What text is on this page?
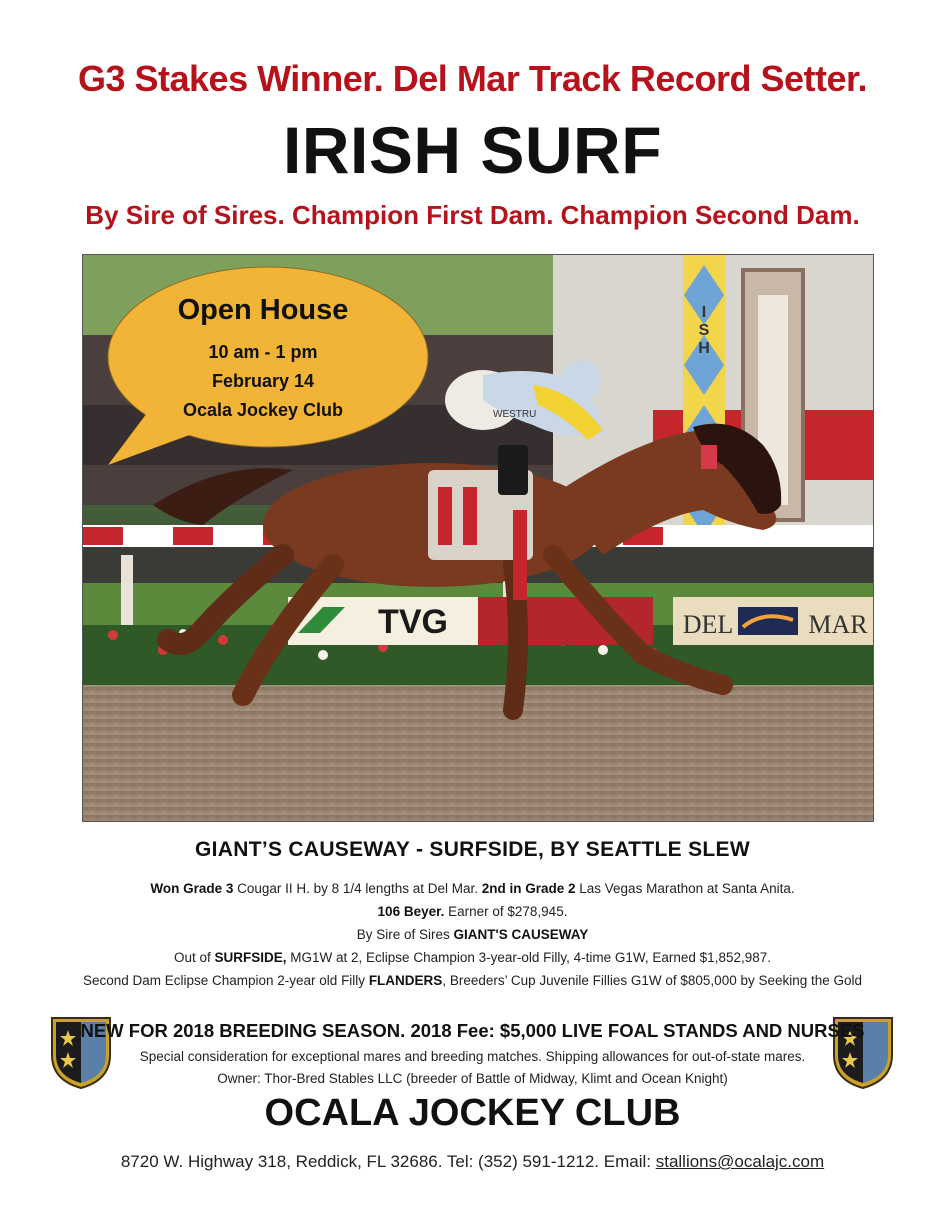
G3 Stakes Winner. Del Mar Track Record Setter.
IRISH SURF
By Sire of Sires. Champion First Dam. Champion Second Dam.
I
S
H
TVG	DEL	MAR
WESTRU
Open House
10 am - 1 pm
February 14
Ocala Jockey Club
GIANT’S CAUSEWAY - SURFSIDE, BY SEATTLE SLEW
Won Grade 3 Cougar II H. by 8 1/4 lengths at Del Mar. 2nd in Grade 2 Las Vegas Marathon at Santa Anita.
106 Beyer. Earner of $278,945.
By Sire of Sires GIANT'S CAUSEWAY
Out of SURFSIDE, MG1W at 2, Eclipse Champion 3-year-old Filly, 4-time G1W, Earned $1,852,987.
Second Dam Eclipse Champion 2-year old Filly FLANDERS, Breeders’ Cup Juvenile Fillies G1W of $805,000 by Seeking the Gold
NEW FOR 2018 BREEDING SEASON. 2018 Fee: $5,000 LIVE FOAL STANDS AND NURSES
Special consideration for exceptional mares and breeding matches. Shipping allowances for out-of-state mares.
Owner: Thor-Bred Stables LLC (breeder of Battle of Midway, Klimt and Ocean Knight)
OCALA JOCKEY CLUB
8720 W. Highway 318, Reddick, FL 32686. Tel: (352) 591-1212. Email: stallions@ocalajc.com
